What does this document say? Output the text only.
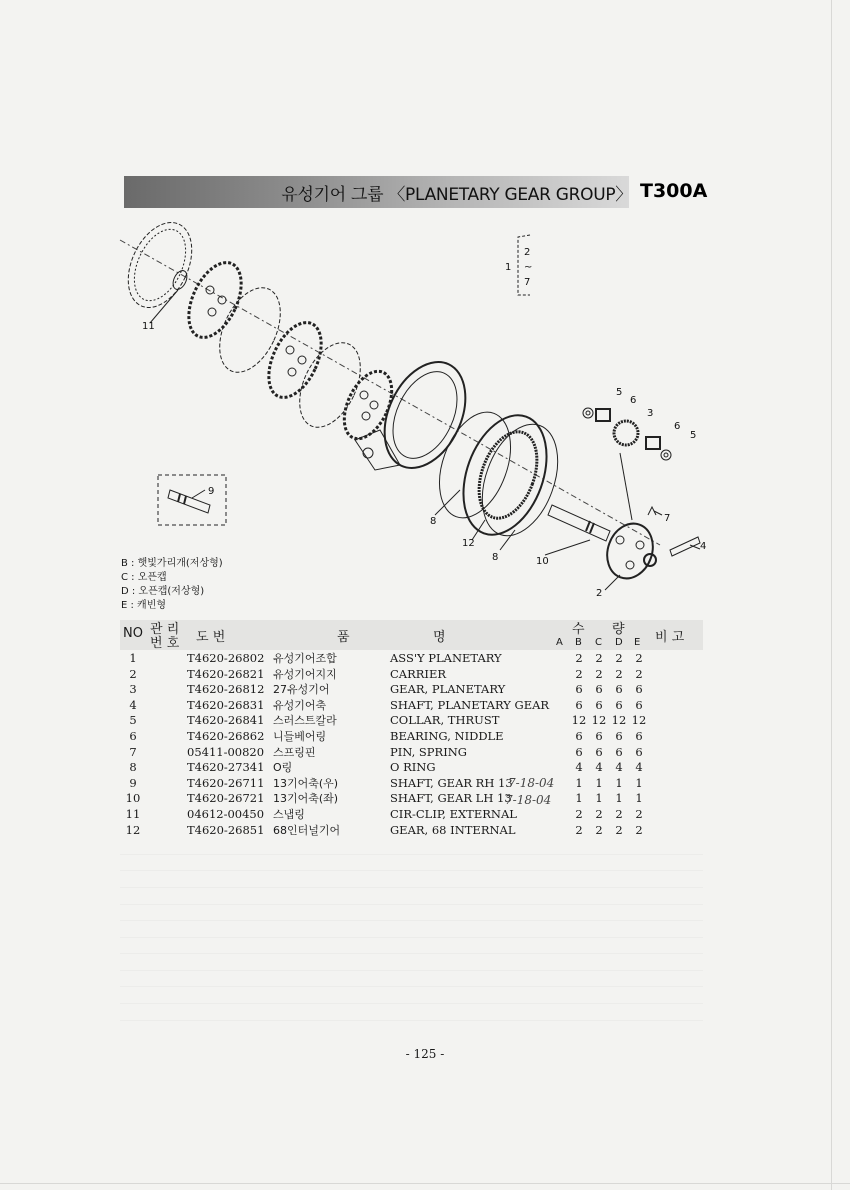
유성기어 그룹 〈PLANETARY GEAR GROUP〉 T300A
1
2
~
7
11
5
6
3
6
5
9
8
12
8
7
4
10
2
B : 햇빛가리개(저상형)
C : 오픈캡
D : 오픈캡(저상형)
E : 캐빈형
NO 관 리
번 호 도 번	품	명
수 량
A B C D E 비 고
1	T4620-26802 유성기어조합	ASS'Y PLANETARY	2	2	2	2
2	T4620-26821 유성기어지지	CARRIER	2	2	2	2
3	T4620-26812 27유성기어	GEAR, PLANETARY	6	6	6	6
4	T4620-26831 유성기어축	SHAFT, PLANETARY GEAR	6	6	6	6
5	T4620-26841 스러스트칼라	COLLAR, THRUST	12 12 12 12
6	T4620-26862 니들베어링	BEARING, NIDDLE	6	6	6	6
7	05411-00820 스프링핀	PIN, SPRING	6	6	6	6
8	T4620-27341 O링	O RING	4	4	4	4
9	T4620-26711 13기어축(우)	SHAFT, GEAR RH 13	1	1	1	1
10	T4620-26721 13기어축(좌)	SHAFT, GEAR LH 13	1	1	1	1
11	04612-00450 스냅링	CIR-CLIP, EXTERNAL	2	2	2	2
12	T4620-26851 68인터널기어	GEAR, 68 INTERNAL	2	2	2	2
7-18-04
7-18-04
- 125 -
